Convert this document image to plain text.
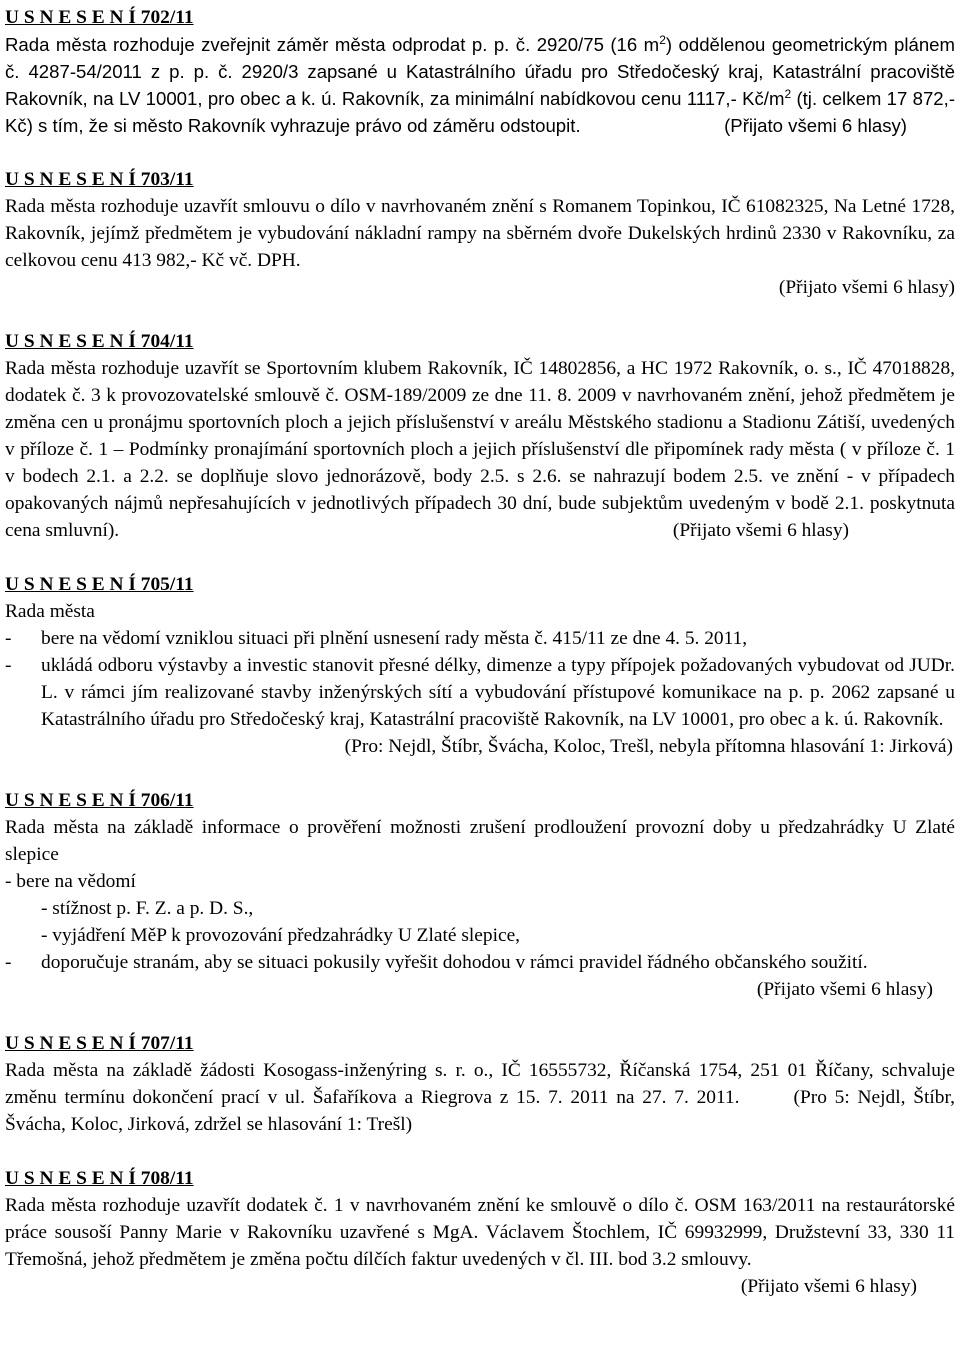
U S N E S E N Í 702/11

Rada města rozhoduje zveřejnit záměr města odprodat p. p. č. 2920/75 (16 $m^2$) oddělenou geometrickým plánem č. 4287-54/2011 z p. p. č. 2920/3 zapsané u Katastrálního úřadu pro Středočeský kraj, Katastrální pracoviště Rakovník, na LV 10001, pro obec a k. ú. Rakovník, za minimální nabídkovou cenu 1117,- $Kč/m^2$ (tj. celkem 17 872,- Kč) s tím, že si město Rakovník vyhrazuje právo od záměru odstoupit.	(Přijato všemi 6 hlasy)

U S N E S E N Í 703/11

Rada města rozhoduje uzavřít smlouvu o dílo v navrhovaném znění s Romanem Topinkou, IČ 61082325, Na Letné 1728, Rakovník, jejímž předmětem je vybudování nákladní rampy na sběrném dvoře Dukelských hrdinů 2330 v Rakovníku, za celkovou cenu 413 982,- Kč vč. DPH.

(Přijato všemi 6 hlasy)

U S N E S E N Í 704/11

Rada města rozhoduje uzavřít se Sportovním klubem Rakovník, IČ 14802856, a HC 1972 Rakovník, o. s., IČ 47018828, dodatek č. 3 k provozovatelské smlouvě č. OSM-189/2009 ze dne 11. 8. 2009 v navrhovaném znění, jehož předmětem je změna cen u pronájmu sportovních ploch a jejich příslušenství v areálu Městského stadionu a Stadionu Zátiší, uvedených v příloze č. 1 – Podmínky pronajímání sportovních ploch a jejich příslušenství dle připomínek rady města ( v příloze č. 1 v bodech 2.1. a 2.2. se doplňuje slovo jednorázově, body 2.5. s 2.6. se nahrazují bodem 2.5. ve znění - v případech opakovaných nájmů nepřesahujících v jednotlivých případech 30 dní, bude subjektům uvedeným v bodě 2.1. poskytnuta cena smluvní).	(Přijato všemi 6 hlasy)

U S N E S E N Í 705/11

Rada města

-	bere na vědomí vzniklou situaci při plnění usnesení rady města č. 415/11 ze dne 4. 5. 2011,
-	ukládá odboru výstavby a investic stanovit přesné délky, dimenze a typy přípojek požadovaných vybudovat od JUDr. L. v rámci jím realizované stavby inženýrských sítí a vybudování přístupové komunikace na p. p. 2062 zapsané u Katastrálního úřadu pro Středočeský kraj, Katastrální pracoviště Rakovník, na LV 10001, pro obec a k. ú. Rakovník.

(Pro: Nejdl, Štíbr, Švácha, Koloc, Trešl, nebyla přítomna hlasování 1: Jirková)

U S N E S E N Í 706/11

Rada města na základě informace o prověření možnosti zrušení prodloužení provozní doby u předzahrádky U Zlaté slepice

- bere na vědomí

- stížnost p. F. Z. a p. D. S.,

- vyjádření MěP k provozování předzahrádky U Zlaté slepice,

-	doporučuje stranám, aby se situaci pokusily vyřešit dohodou v rámci pravidel řádného občanského soužití.
(Přijato všemi 6 hlasy)
U S N E S E N Í 707/11

Rada města na základě žádosti Kosogass-inženýring s. r. o., IČ 16555732, Říčanská 1754, 251 01 Říčany, schvaluje změnu termínu dokončení prací v ul. Šafaříkova a Riegrova z 15. 7. 2011 na 27. 7. 2011.	(Pro 5: Nejdl, Štíbr, Švácha, Koloc, Jirková, zdržel se hlasování 1: Trešl)

U S N E S E N Í 708/11

Rada města rozhoduje uzavřít dodatek č. 1 v navrhovaném znění ke smlouvě o dílo č. OSM 163/2011 na restaurátorské práce sousoší Panny Marie v Rakovníku uzavřené s MgA. Václavem Štochlem, IČ 69932999, Družstevní 33, 330 11 Třemošná, jehož předmětem je změna počtu dílčích faktur uvedených v čl. III. bod 3.2 smlouvy.
(Přijato všemi 6 hlasy)
